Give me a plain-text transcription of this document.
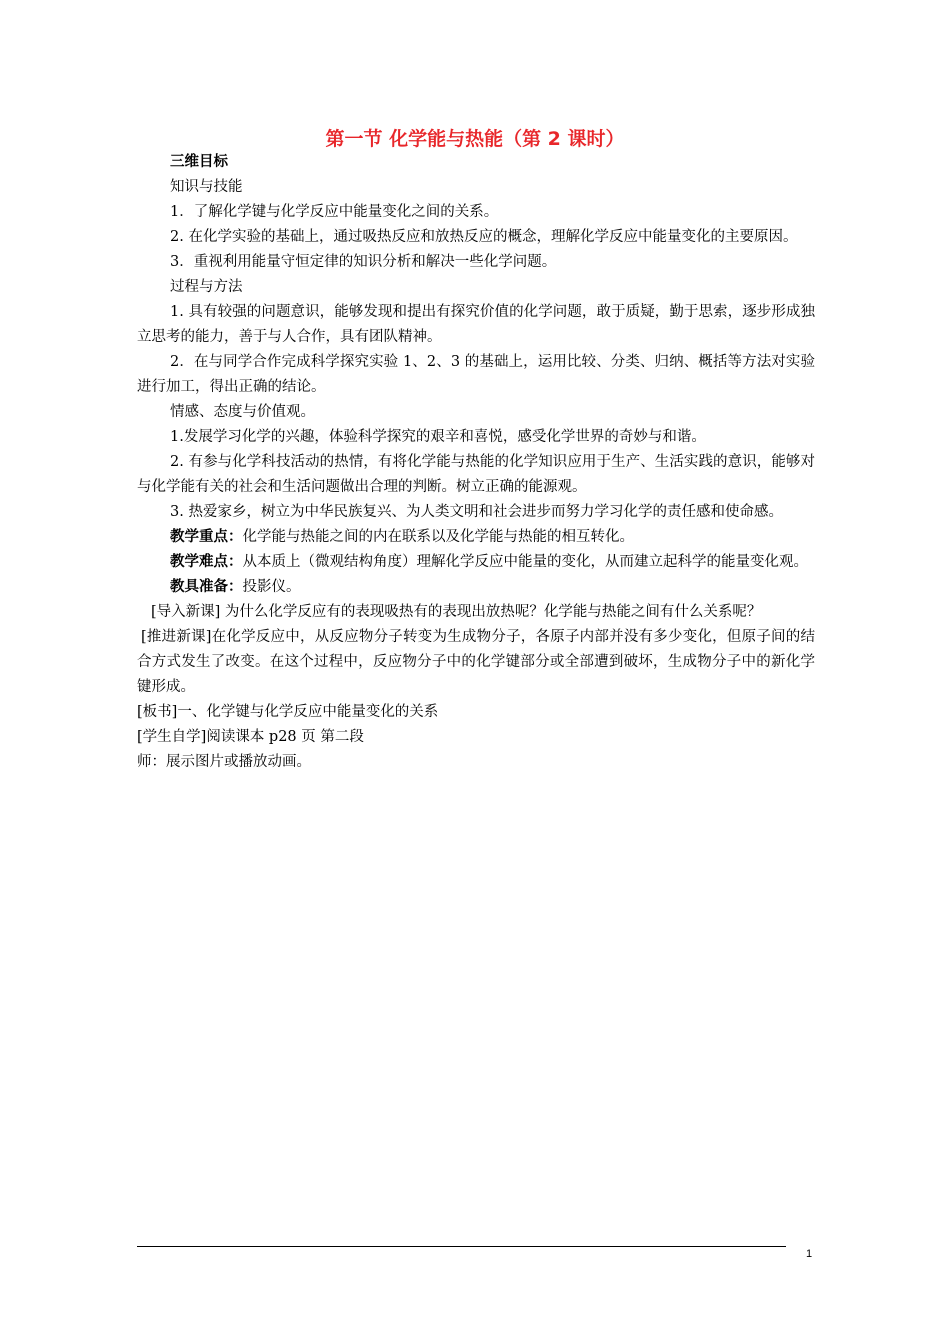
第一节 化学能与热能（第 2 课时）

三维目标

知识与技能

1．了解化学键与化学反应中能量变化之间的关系。

2. 在化学实验的基础上，通过吸热反应和放热反应的概念，理解化学反应中能量变化的主要原因。

3．重视利用能量守恒定律的知识分析和解决一些化学问题。

过程与方法

1. 具有较强的问题意识，能够发现和提出有探究价值的化学问题，敢于质疑，勤于思索，逐步形成独立思考的能力，善于与人合作，具有团队精神。

2．在与同学合作完成科学探究实验 1、2、3 的基础上，运用比较、分类、归纳、概括等方法对实验进行加工，得出正确的结论。

情感、态度与价值观。

1.发展学习化学的兴趣，体验科学探究的艰辛和喜悦，感受化学世界的奇妙与和谐。

2. 有参与化学科技活动的热情，有将化学能与热能的化学知识应用于生产、生活实践的意识，能够对与化学能有关的社会和生活问题做出合理的判断。树立正确的能源观。

3. 热爱家乡，树立为中华民族复兴、为人类文明和社会进步而努力学习化学的责任感和使命感。

教学重点：化学能与热能之间的内在联系以及化学能与热能的相互转化。

教学难点：从本质上（微观结构角度）理解化学反应中能量的变化，从而建立起科学的能量变化观。

教具准备：投影仪。

[导入新课] 为什么化学反应有的表现吸热有的表现出放热呢？化学能与热能之间有什么关系呢？

[推进新课]在化学反应中，从反应物分子转变为生成物分子，各原子内部并没有多少变化，但原子间的结合方式发生了改变。在这个过程中，反应物分子中的化学键部分或全部遭到破坏，生成物分子中的新化学键形成。

[板书]一、化学键与化学反应中能量变化的关系

[学生自学]阅读课本 p28 页 第二段

师：展示图片或播放动画。

1
